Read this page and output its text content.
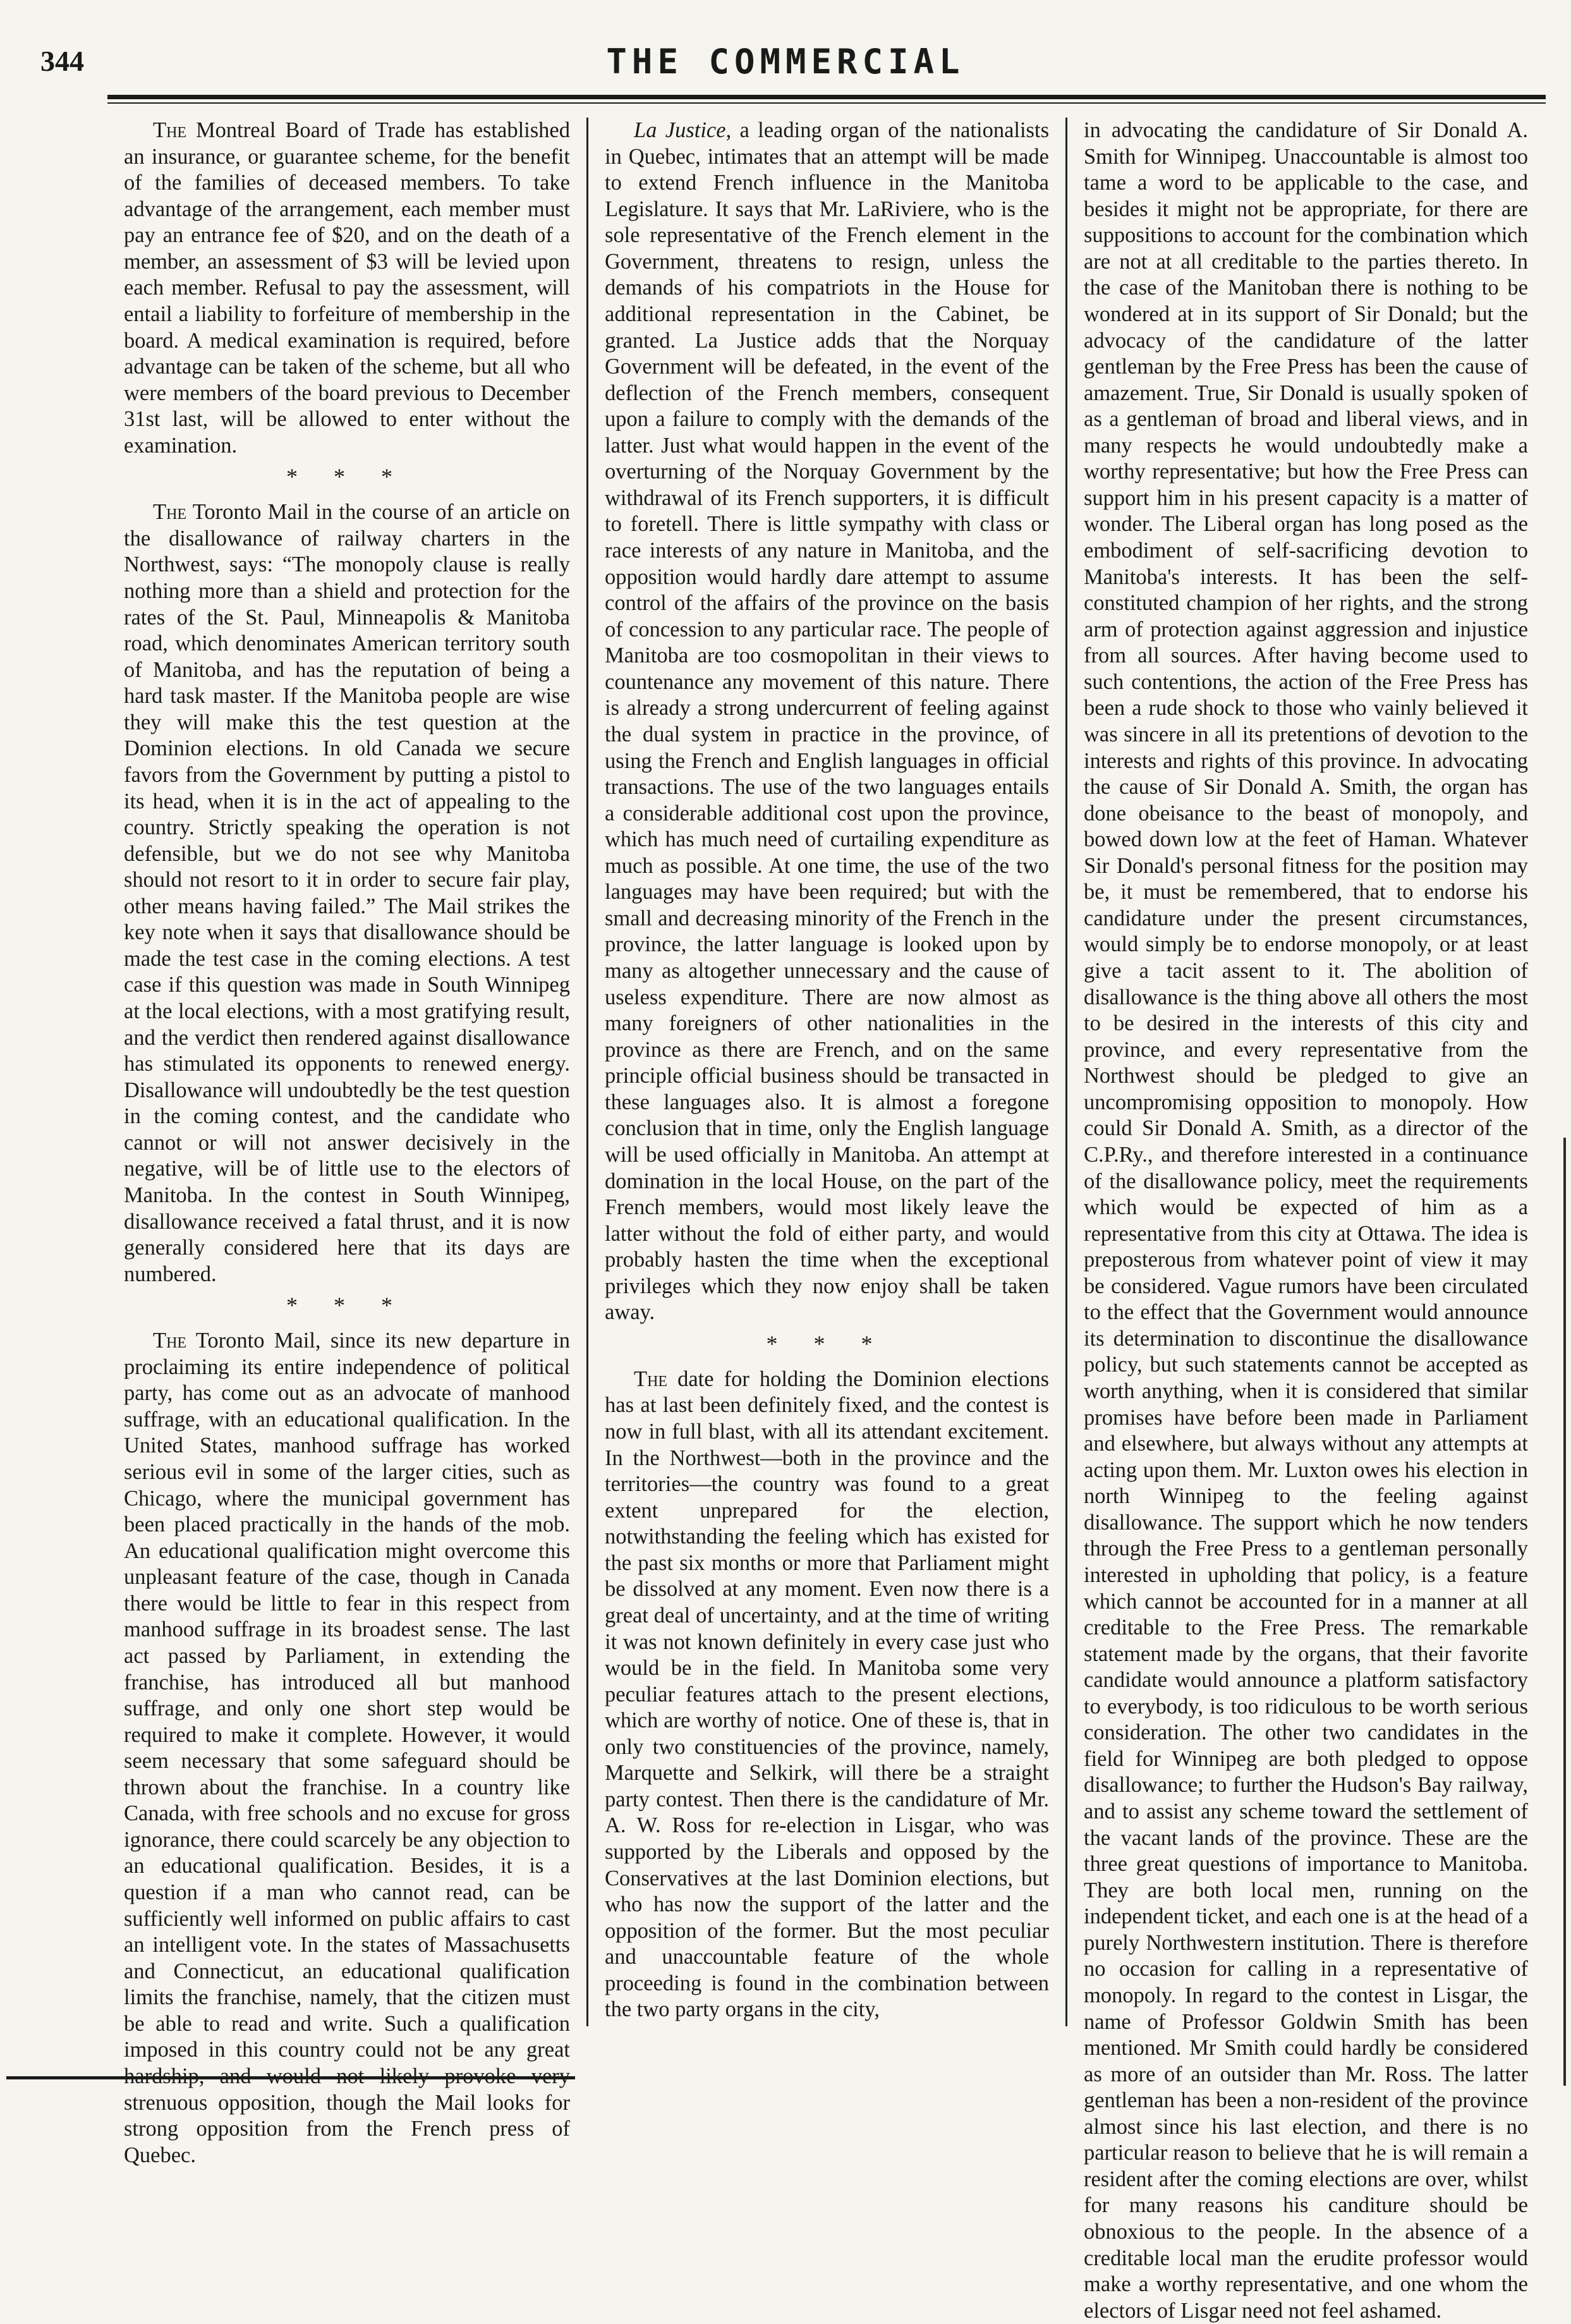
344	THE COMMERCIAL

The Montreal Board of Trade has established an insurance, or guarantee scheme, for the benefit of the families of deceased members. To take advantage of the arrangement, each member must pay an entrance fee of $20, and on the death of a member, an assessment of $3 will be levied upon each member. Refusal to pay the assessment, will entail a liability to forfeiture of membership in the board. A medical examination is required, before advantage can be taken of the scheme, but all who were members of the board previous to December 31st last, will be allowed to enter without the examination.

* * *

The Toronto Mail in the course of an article on the disallowance of railway charters in the Northwest, says: “The monopoly clause is really nothing more than a shield and protection for the rates of the St. Paul, Minneapolis & Manitoba road, which denominates American territory south of Manitoba, and has the reputation of being a hard task master. If the Manitoba people are wise they will make this the test question at the Dominion elections. In old Canada we secure favors from the Government by putting a pistol to its head, when it is in the act of appealing to the country. Strictly speaking the operation is not defensible, but we do not see why Manitoba should not resort to it in order to secure fair play, other means having failed.” The Mail strikes the key note when it says that disallowance should be made the test case in the coming elections. A test case if this question was made in South Winnipeg at the local elections, with a most gratifying result, and the verdict then rendered against disallowance has stimulated its opponents to renewed energy. Disallowance will undoubtedly be the test question in the coming contest, and the candidate who cannot or will not answer decisively in the negative, will be of little use to the electors of Manitoba. In the contest in South Winnipeg, disallowance received a fatal thrust, and it is now generally considered here that its days are numbered.

* * *

The Toronto Mail, since its new departure in proclaiming its entire independence of political party, has come out as an advocate of manhood suffrage, with an educational qualification. In the United States, manhood suffrage has worked serious evil in some of the larger cities, such as Chicago, where the municipal government has been placed practically in the hands of the mob. An educational qualification might overcome this unpleasant feature of the case, though in Canada there would be little to fear in this respect from manhood suffrage in its broadest sense. The last act passed by Parliament, in extending the franchise, has introduced all but manhood suffrage, and only one short step would be required to make it complete. However, it would seem necessary that some safeguard should be thrown about the franchise. In a country like Canada, with free schools and no excuse for gross ignorance, there could scarcely be any objection to an educational qualification. Besides, it is a question if a man who cannot read, can be sufficiently well informed on public affairs to cast an intelligent vote. In the states of Massachusetts and Connecticut, an educational qualification limits the franchise, namely, that the citizen must be able to read and write. Such a qualification imposed in this country could not be any great strenuous opposition, though the Mail looks for strong opposition from the French press of Quebec.

La Justice, a leading organ of the nationalists in Quebec, intimates that an attempt will be made to extend French influence in the Manitoba Legislature. It says that Mr. LaRiviere, who is the sole representative of the French element in the Government, threatens to resign, unless the demands of his compatriots in the House for additional representation in the Cabinet, be granted. La Justice adds that the Norquay Government will be defeated, in the event of the deflection of the French members, consequent upon a failure to comply with the demands of the latter. Just what would happen in the event of the overturning of the Norquay Government by the withdrawal of its French supporters, it is difficult to foretell. There is little sympathy with class or race interests of any nature in Manitoba, and the opposition would hardly dare attempt to assume control of the affairs of the province on the basis of concession to any particular race. The people of Manitoba are too cosmopolitan in their views to countenance any movement of this nature. There is already a strong undercurrent of feeling against the dual system in practice in the province, of using the French and English languages in official transactions. The use of the two languages entails a considerable additional cost upon the province, which has much need of curtailing expenditure as much as possible. At one time, the use of the two languages may have been required; but with the small and decreasing minority of the French in the province, the latter language is looked upon by many as altogether unnecessary and the cause of useless expenditure. There are now almost as many foreigners of other nationalities in the province as there are French, and on the same principle official business should be transacted in these languages also. It is almost a foregone conclusion that in time, only the English language will be used officially in Manitoba. An attempt at domination in the local House, on the part of the French members, would most likely leave the latter without the fold of either party, and would probably hasten the time when the exceptional privileges which they now enjoy shall be taken away.

* * *

The date for holding the Dominion elections has at last been definitely fixed, and the contest is now in full blast, with all its attendant excitement. In the Northwest—both in the province and the territories—the country was found to a great extent unprepared for the election, notwithstanding the feeling which has existed for the past six months or more that Parliament might be dissolved at any moment. Even now there is a great deal of uncertainty, and at the time of writing it was not known definitely in every case just who would be in the field. In Manitoba some very peculiar features attach to the present elections, which are worthy of notice. One of these is, that in only two constituencies of the province, namely, Marquette and Selkirk, will there be a straight party contest. Then there is the candidature of Mr. A. W. Ross for re-election in Lisgar, who was supported by the Liberals and opposed by the Conservatives at the last Dominion elections, but who has now the support of the latter and the opposition of the former. But the most peculiar and unaccountable feature of the whole proceeding is found in the combination between the two party organs in the city,

in advocating the candidature of Sir Donald A. Smith for Winnipeg. Unaccountable is almost too tame a word to be applicable to the case, and besides it might not be appropriate, for there are suppositions to account for the combination which are not at all creditable to the parties thereto. In the case of the Manitoban there is nothing to be wondered at in its support of Sir Donald; but the advocacy of the candidature of the latter gentleman by the Free Press has been the cause of amazement. True, Sir Donald is usually spoken of as a gentleman of broad and liberal views, and in many respects he would undoubtedly make a worthy representative; but how the Free Press can support him in his present capacity is a matter of wonder. The Liberal organ has long posed as the embodiment of self-sacrificing devotion to Manitoba's interests. It has been the self-constituted champion of her rights, and the strong arm of protection against aggression and injustice from all sources. After having become used to such contentions, the action of the Free Press has been a rude shock to those who vainly believed it was sincere in all its pretentions of devotion to the interests and rights of this province. In advocating the cause of Sir Donald A. Smith, the organ has done obeisance to the beast of monopoly, and bowed down low at the feet of Haman. Whatever Sir Donald's personal fitness for the position may be, it must be remembered, that to endorse his candidature under the present circumstances, would simply be to endorse monopoly, or at least give a tacit assent to it. The abolition of disallowance is the thing above all others the most to be desired in the interests of this city and province, and every representative from the Northwest should be pledged to give an uncompromising opposition to monopoly. How could Sir Donald A. Smith, as a director of the C.P.Ry., and therefore interested in a continuance of the disallowance policy, meet the requirements which would be expected of him as a representative from this city at Ottawa. The idea is preposterous from whatever point of view it may be considered. Vague rumors have been circulated to the effect that the Government would announce its determination to discontinue the disallowance policy, but such statements cannot be accepted as worth anything, when it is considered that similar promises have before been made in Parliament and elsewhere, but always without any attempts at acting upon them. Mr. Luxton owes his election in north Winnipeg to the feeling against disallowance. The support which he now tenders through the Free Press to a gentleman personally interested in upholding that policy, is a feature which cannot be accounted for in a manner at all creditable to the Free Press. The remarkable statement made by the organs, that their favorite candidate would announce a platform satisfactory to everybody, is too ridiculous to be worth serious consideration. The other two candidates in the field for Winnipeg are both pledged to oppose disallowance; to further the Hudson's Bay railway, and to assist any scheme toward the settlement of the vacant lands of the province. These are the three great questions of importance to Manitoba. They are both local men, running on the independent ticket, and each one is at the head of a purely Northwestern institution. There is therefore no occasion for calling in a representative of monopoly. In regard to the contest in Lisgar, the name of Professor Goldwin Smith has been mentioned. Mr Smith could hardly be considered as more of an outsider than Mr. Ross. The latter gentleman has been a non-resident of the province almost since his last election, and there is no particular reason to believe that he is will remain a resident after the coming elections are over, whilst for many reasons his canditure should be obnoxious to the people. In the absence of a creditable local man the erudite professor would make a worthy representative, and one whom the electors of Lisgar need not feel ashamed.
